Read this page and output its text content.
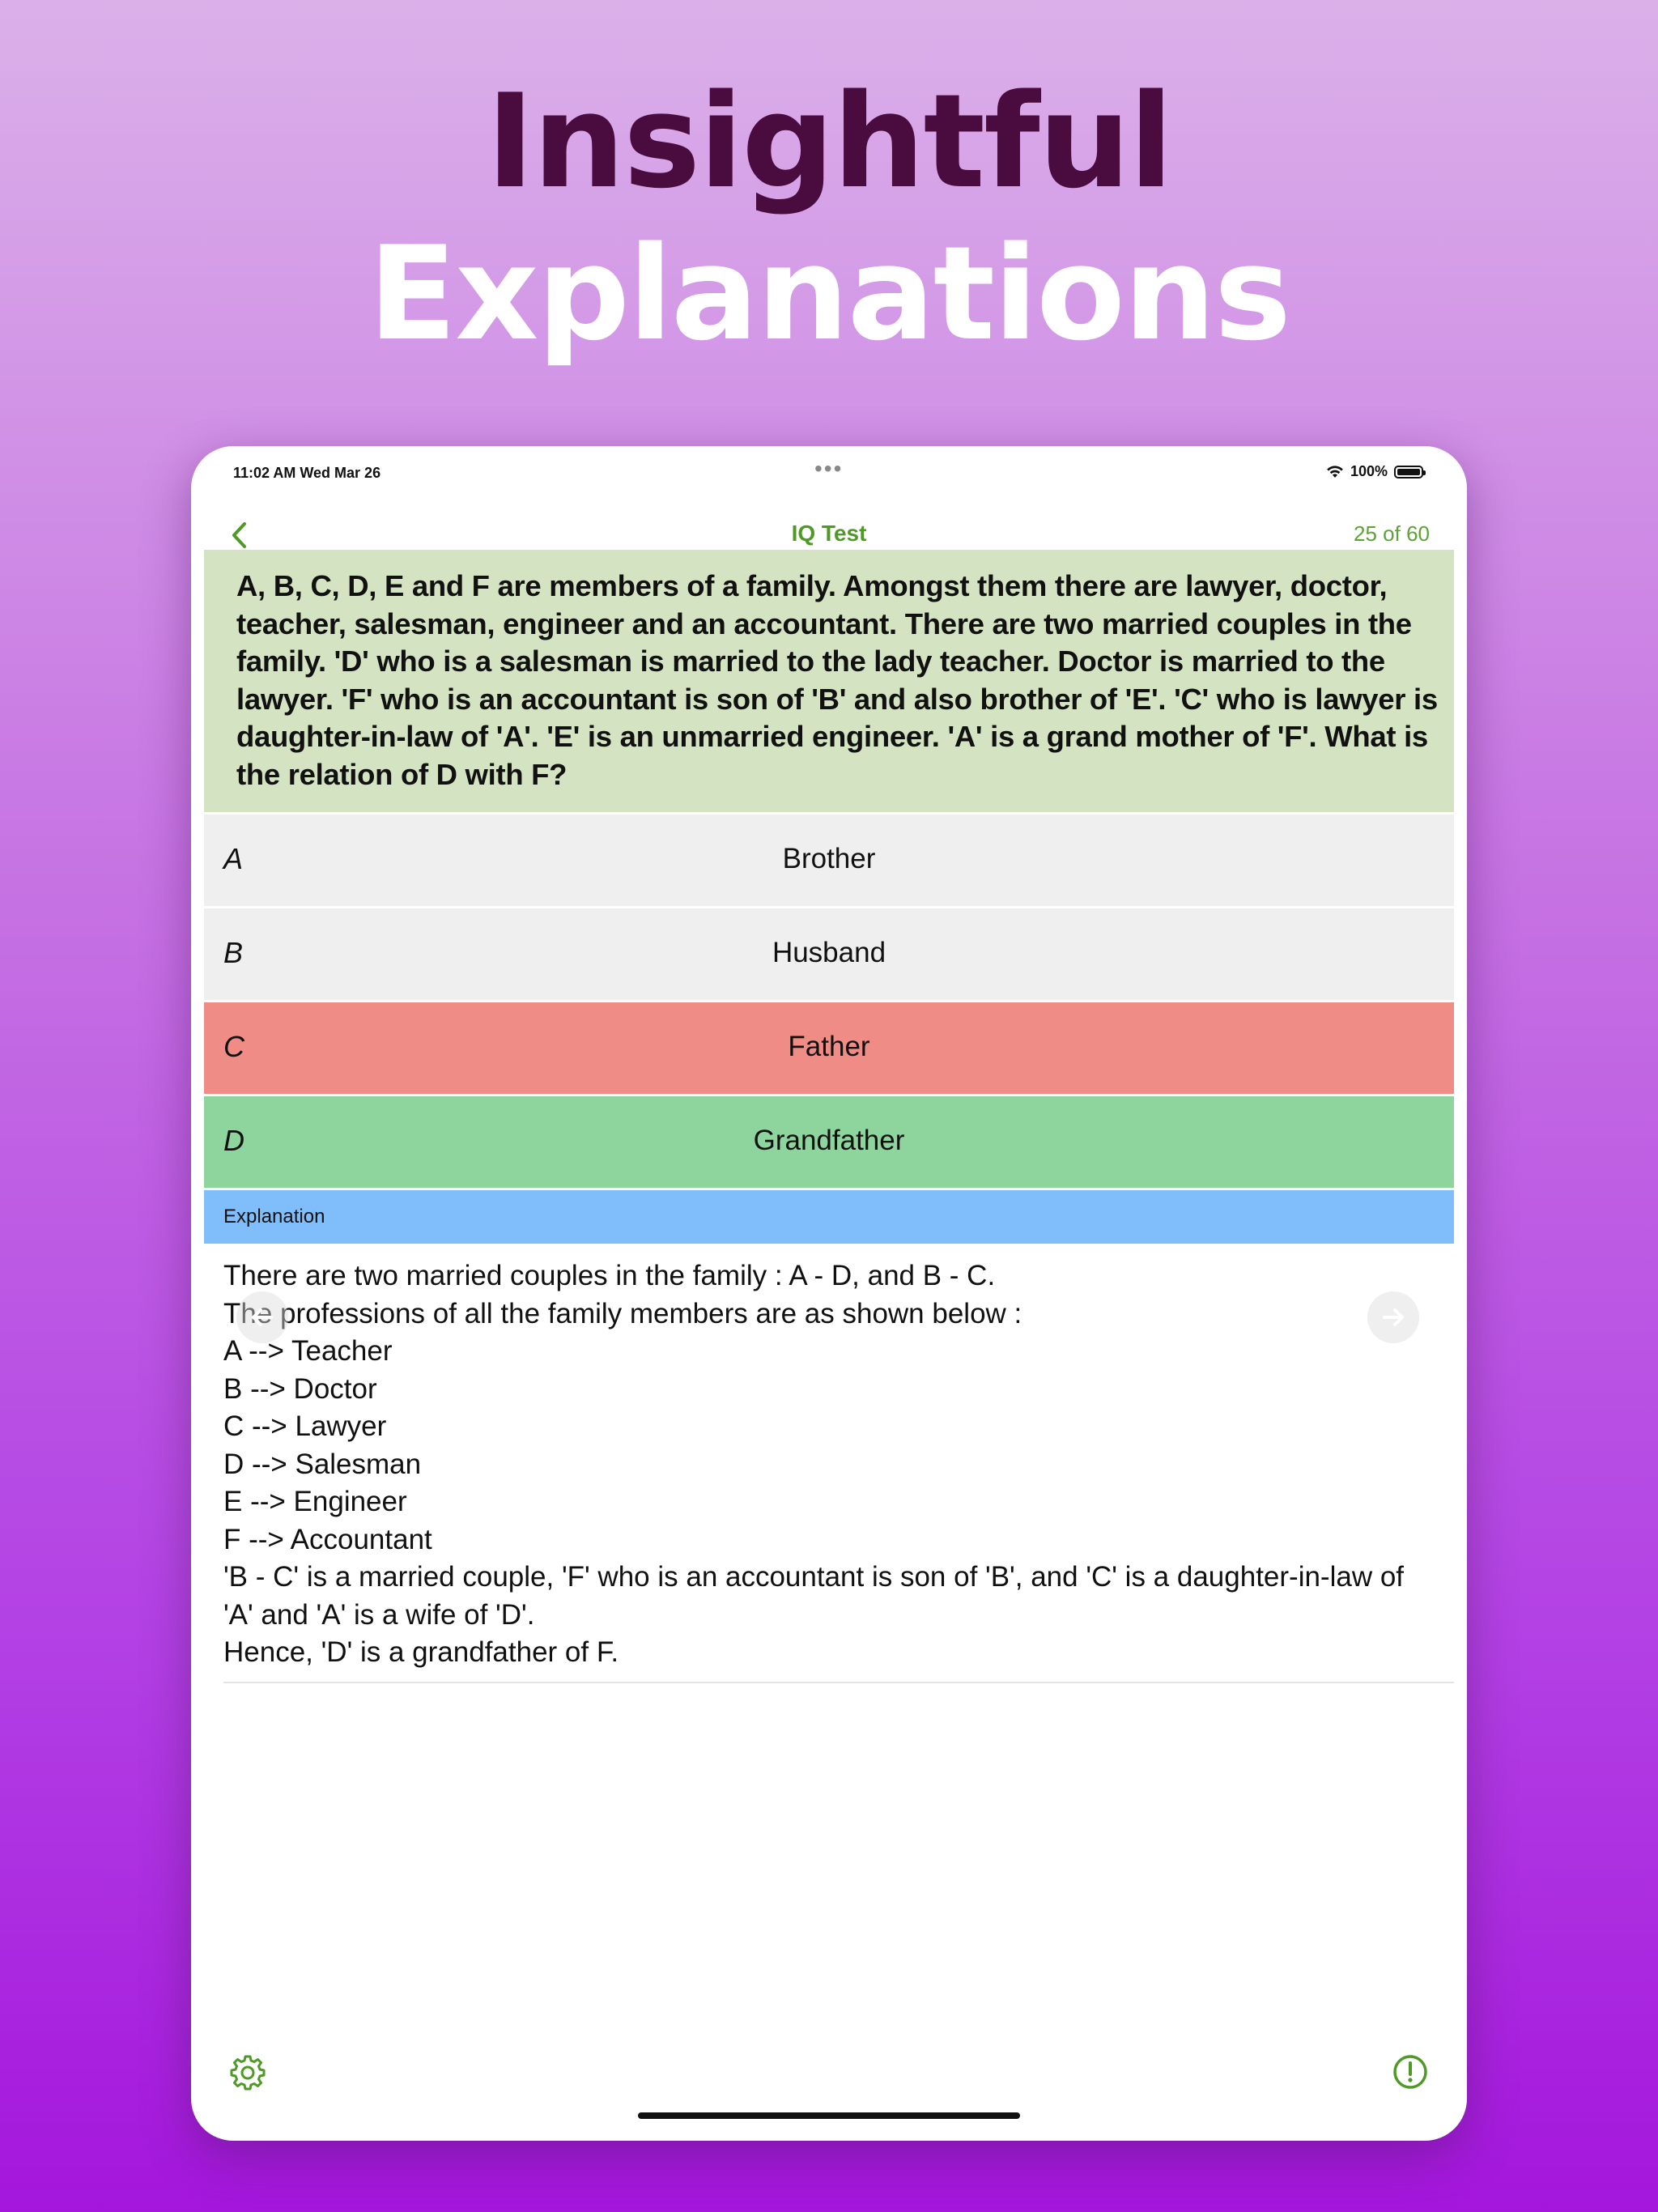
Insightful
Explanations
11:02 AM Wed Mar 26	•••	100%
IQ Test	25 of 60
A, B, C, D, E and F are members of a family. Amongst them there are lawyer, doctor, teacher, salesman, engineer and an accountant. There are two married couples in the family. 'D' who is a salesman is married to the lady teacher. Doctor is married to the lawyer. 'F' who is an accountant is son of 'B' and also brother of 'E'. 'C' who is lawyer is daughter-in-law of 'A'. 'E' is an unmarried engineer. 'A' is a grand mother of 'F'. What is the relation of D with F?
A	Brother
B	Husband
C	Father
D	Grandfather
Explanation
There are two married couples in the family : A - D, and B - C.
The professions of all the family members are as shown below :
A --> Teacher
B --> Doctor
C --> Lawyer
D --> Salesman
E --> Engineer
F --> Accountant
'B - C' is a married couple, 'F' who is an accountant is son of 'B', and 'C' is a daughter-in-law of 'A' and 'A' is a wife of 'D'.
Hence, 'D' is a grandfather of F.
